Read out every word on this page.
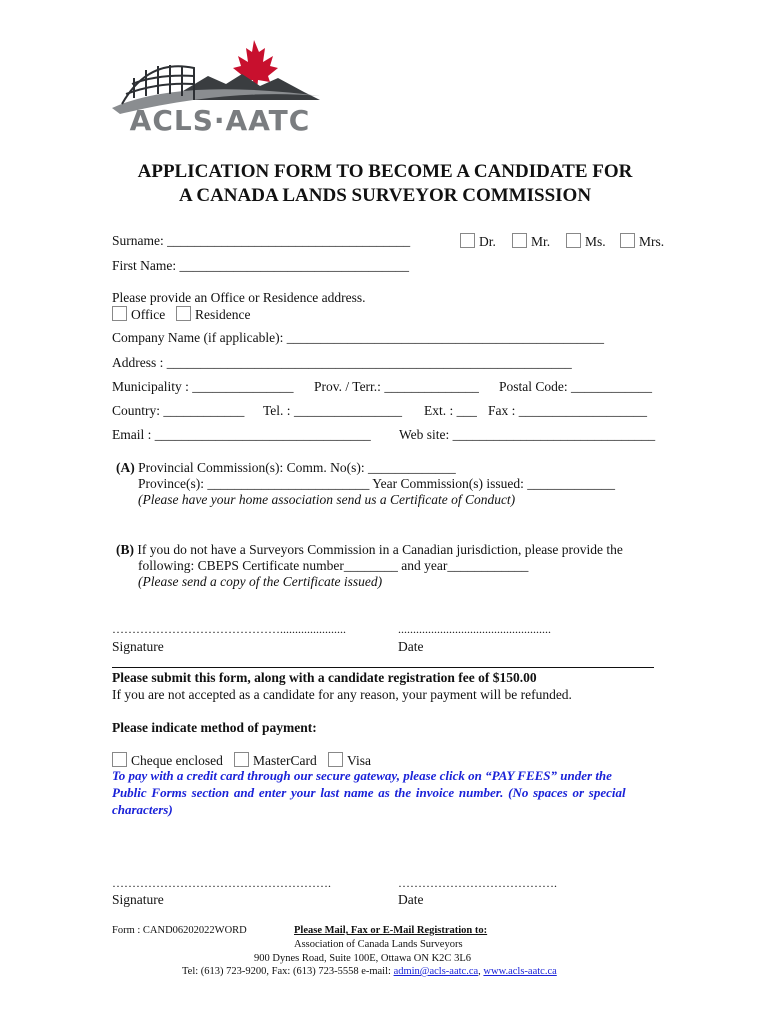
ACLS·AATC
APPLICATION FORM TO BECOME A CANDIDATE FOR
A CANADA LANDS SURVEYOR COMMISSION
Surname: ____________________________________	Dr.	Mr.	Ms.	Mrs.
First Name: __________________________________
Please provide an Office or Residence address.
Office	Residence
Company Name (if applicable): _______________________________________________
Address : ____________________________________________________________
Municipality : _______________ Prov. / Terr.: ______________ Postal Code: ____________
Country: ____________ Tel. : ________________ Ext. : ___ Fax : ___________________
Email : ________________________________ Web site: ______________________________
(A) Provincial Commission(s): Comm. No(s): _____________
Province(s): ________________________ Year Commission(s) issued: _____________
(Please have your home association send us a Certificate of Conduct)
(B) If you do not have a Surveyors Commission in a Canadian jurisdiction, please provide the
following: CBEPS Certificate number________ and year____________
(Please send a copy of the Certificate issued)
……………………………………......................	...................................................
Signature	Date
Please submit this form, along with a candidate registration fee of $150.00
If you are not accepted as a candidate for any reason, your payment will be refunded.
Please indicate method of payment:
Cheque enclosed	MasterCard	Visa
To pay with a credit card through our secure gateway, please click on “PAY FEES” under the
Public Forms section and enter your last name as the invoice number. (No spaces or special
characters)
……………………………………………….	………………………………….
Signature	Date
Form : CAND06202022WORD	Please Mail, Fax or E-Mail Registration to:
Association of Canada Lands Surveyors
900 Dynes Road, Suite 100E, Ottawa ON K2C 3L6
Tel: (613) 723-9200, Fax: (613) 723-5558 e-mail: admin@acls-aatc.ca, www.acls-aatc.ca
